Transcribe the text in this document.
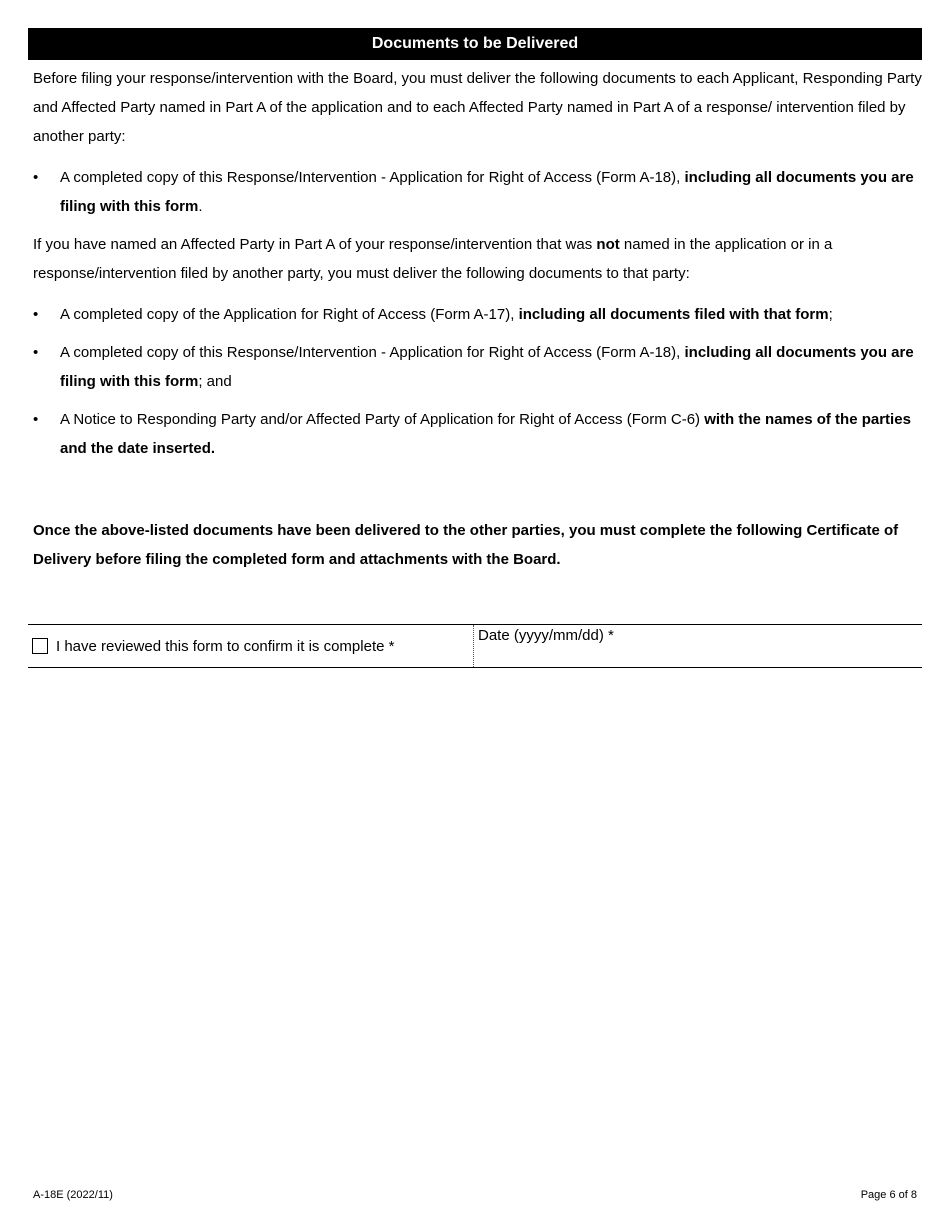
Documents to be Delivered

Before filing your response/intervention with the Board, you must deliver the following documents to each Applicant, Responding Party and Affected Party named in Part A of the application and to each Affected Party named in Part A of a response/ intervention filed by another party:

• A completed copy of this Response/Intervention - Application for Right of Access (Form A-18), including all documents you are filing with this form.

If you have named an Affected Party in Part A of your response/intervention that was not named in the application or in a response/intervention filed by another party, you must deliver the following documents to that party:

• A completed copy of the Application for Right of Access (Form A-17), including all documents filed with that form;
• A completed copy of this Response/Intervention - Application for Right of Access (Form A-18), including all documents you are filing with this form; and
• A Notice to Responding Party and/or Affected Party of Application for Right of Access (Form C-6) with the names of the parties and the date inserted.

Once the above-listed documents have been delivered to the other parties, you must complete the following Certificate of Delivery before filing the completed form and attachments with the Board.

I have reviewed this form to confirm it is complete *
Date (yyyy/mm/dd) *
A-18E (2022/11)	Page 6 of 8
